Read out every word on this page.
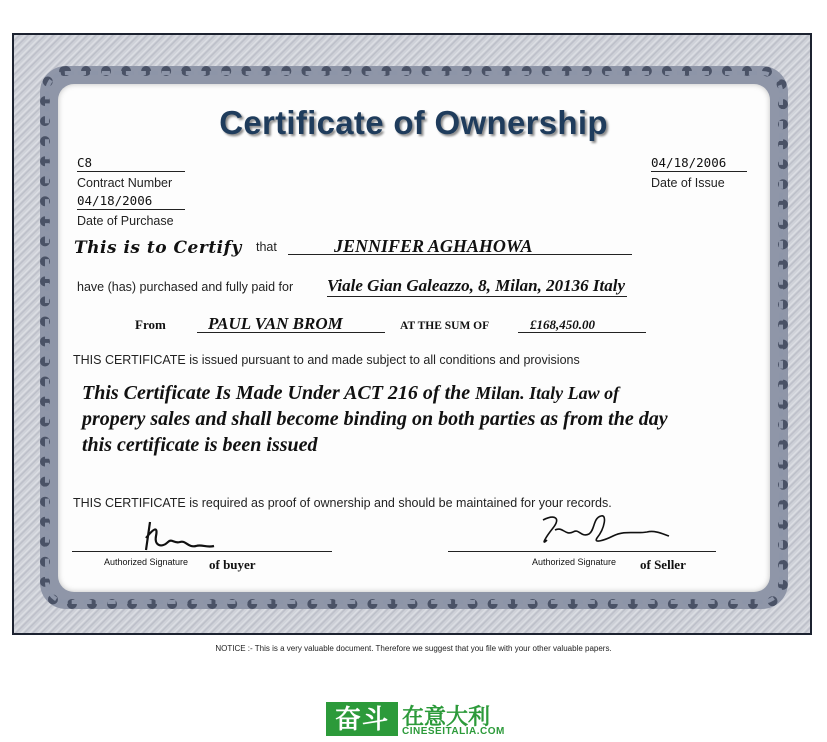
Certificate of Ownership
C8
Contract Number
04/18/2006
Date of Purchase
04/18/2006
Date of Issue
This is to Certify that	JENNIFER AGHAHOWA
have (has) purchased and fully paid for Viale Gian Galeazzo, 8, Milan, 20136 Italy
From PAUL VAN BROM	AT THE SUM OF	£168,450.00
THIS CERTIFICATE is issued pursuant to and made subject to all conditions and provisions
This Certificate Is Made Under ACT 216 of the Milan. Italy Law of
propery sales and shall become binding on both parties as from the day
this certificate is been issued
THIS CERTIFICATE is required as proof of ownership and should be maintained for your records.
Authorized Signature of buyer	Authorized Signature of Seller
NOTICE :- This is a very valuable document. Therefore we suggest that you file with your other valuable papers.
奋斗 在意大利
CINESEITALIA.COM
